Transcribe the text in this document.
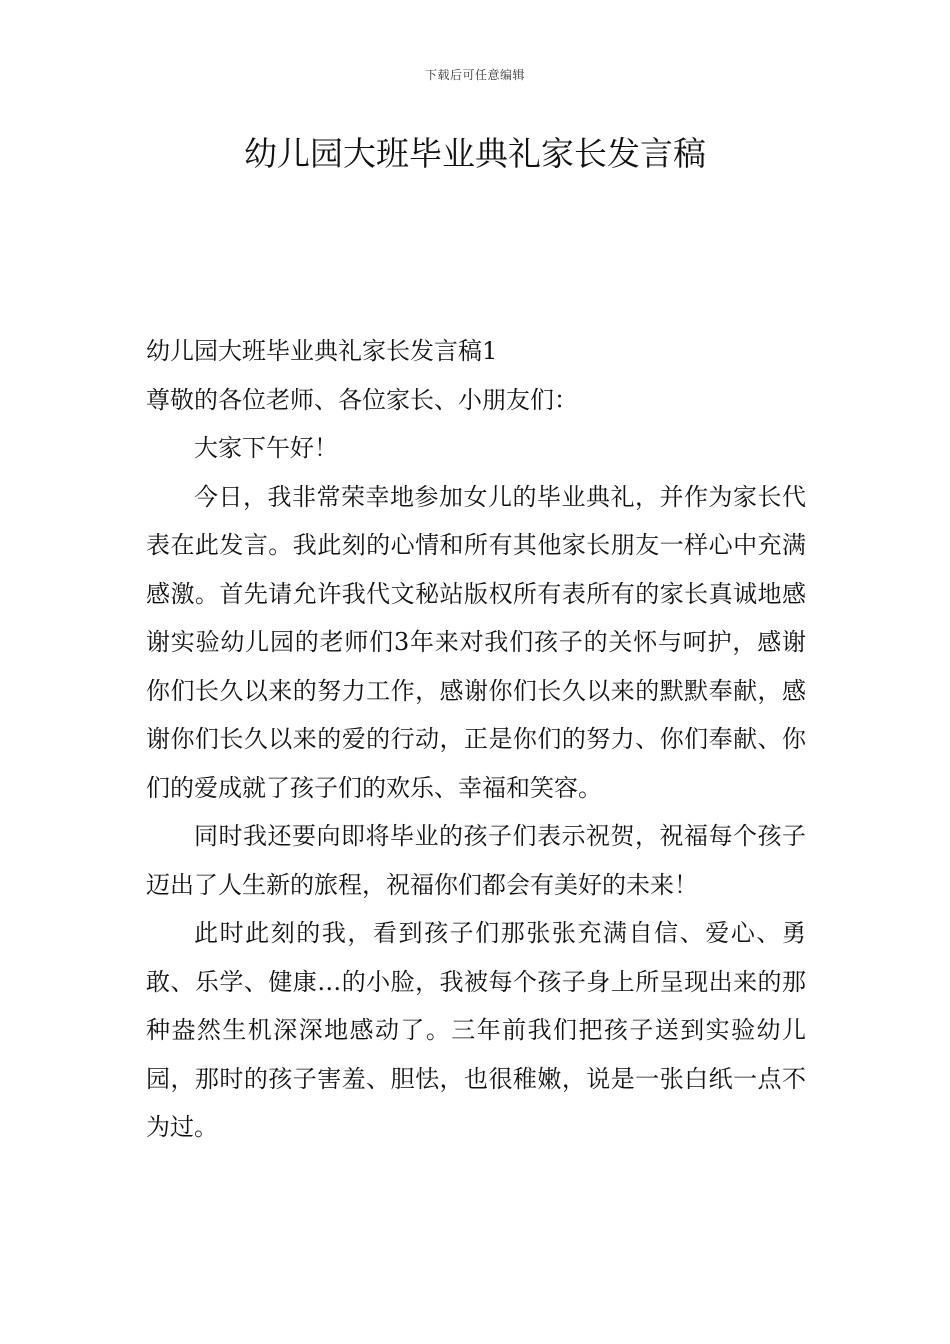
下载后可任意编辑
幼儿园大班毕业典礼家长发言稿

幼儿园大班毕业典礼家长发言稿1

尊敬的各位老师、各位家长、小朋友们：

大家下午好！

今日，我非常荣幸地参加女儿的毕业典礼，并作为家长代表在此发言。我此刻的心情和所有其他家长朋友一样心中充满感激。首先请允许我代文秘站版权所有表所有的家长真诚地感谢实验幼儿园的老师们3年来对我们孩子的关怀与呵护，感谢你们长久以来的努力工作，感谢你们长久以来的默默奉献，感谢你们长久以来的爱的行动，正是你们的努力、你们奉献、你们的爱成就了孩子们的欢乐、幸福和笑容。

同时我还要向即将毕业的孩子们表示祝贺，祝福每个孩子迈出了人生新的旅程，祝福你们都会有美好的未来！

此时此刻的我，看到孩子们那张张充满自信、爱心、勇敢、乐学、健康…的小脸，我被每个孩子身上所呈现出来的那种盎然生机深深地感动了。三年前我们把孩子送到实验幼儿园，那时的孩子害羞、胆怯，也很稚嫩，说是一张白纸一点不为过。
